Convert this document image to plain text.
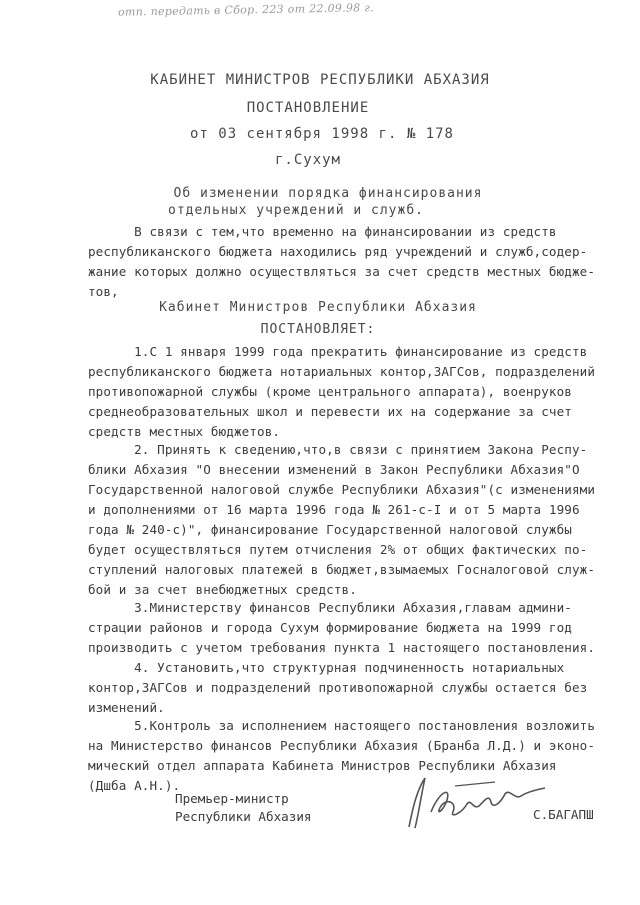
отп. передать в Сбор. 223 от 22.09.98 г.
КАБИНЕТ МИНИСТРОВ РЕСПУБЛИКИ АБХАЗИЯ
ПОСТАНОВЛЕНИЕ
от 03 сентября 1998 г. № 178
г.Сухум
Об изменении порядка финансирования
отдельных учреждений и служб.
В связи с тем,что временно на финансировании из средств
республиканского бюджета находились ряд учреждений и служб,содер-
жание которых должно осуществляться за счет средств местных бюдже-
тов,
Кабинет Министров Республики Абхазия
ПОСТАНОВЛЯЕТ:
1.С 1 января 1999 года прекратить финансирование из средств
республиканского бюджета нотариальных контор,ЗАГСов, подразделений
противопожарной службы (кроме центрального аппарата), военруков
среднеобразовательных школ и перевести их на содержание за счет
средств местных бюджетов.
2. Принять к сведению,что,в связи с принятием Закона Респу-
блики Абхазия "О внесении изменений в Закон Республики Абхазия"О
Государственной налоговой службе Республики Абхазия"(с изменениями
и дополнениями от 16 марта 1996 года № 261-с-I и от 5 марта 1996
года № 240-с)", финансирование Государственной налоговой службы
будет осуществляться путем отчисления 2% от общих фактических по-
ступлений налоговых платежей в бюджет,взымаемых Госналоговой служ-
бой и за счет внебюджетных средств.
3.Министерству финансов Республики Абхазия,главам админи-
страции районов и города Сухум формирование бюджета на 1999 год
производить с учетом требования пункта 1 настоящего постановления.
4. Установить,что структурная подчиненность нотариальных
контор,ЗАГСов и подразделений противопожарной службы остается без
изменений.
5.Контроль за исполнением настоящего постановления возложить
на Министерство финансов Республики Абхазия (Бранба Л.Д.) и эконо-
мический отдел аппарата Кабинета Министров Республики Абхазия
(Дшба А.Н.).
Премьер-министр
Республики Абхазия	С.БАГАПШ
